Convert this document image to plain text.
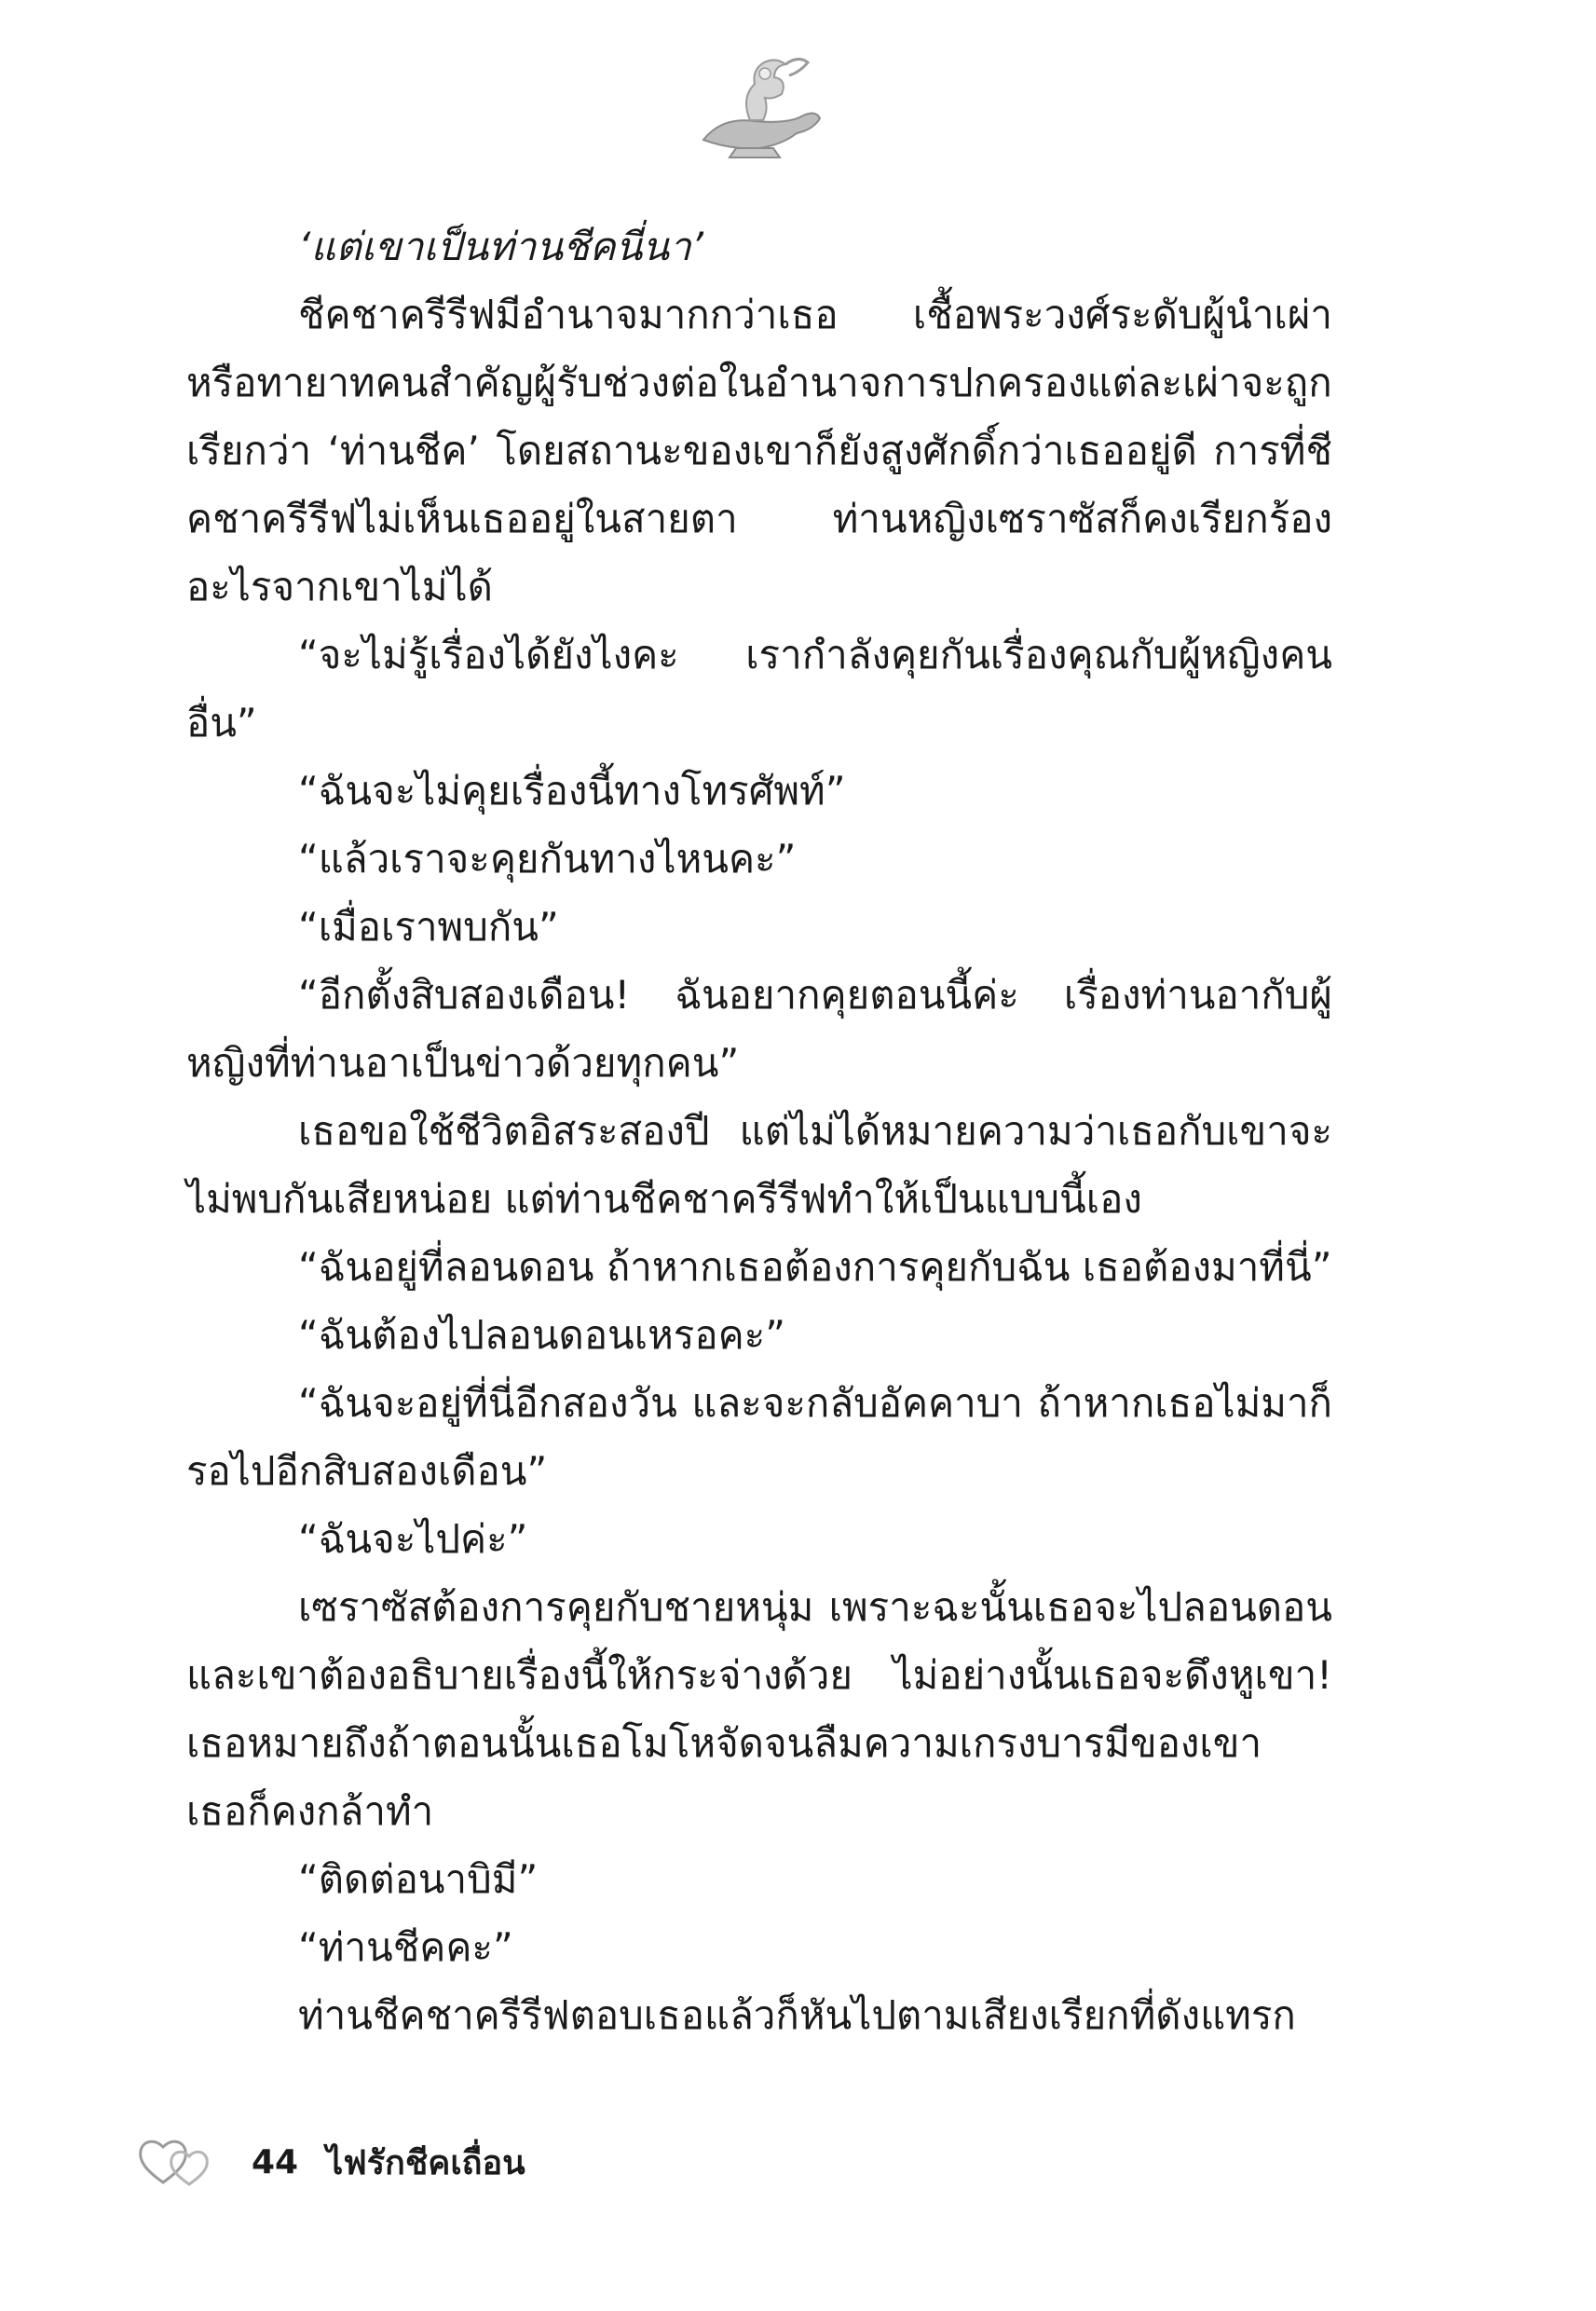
‘แต่เขาเป็นท่านชีคนี่นา’

ชีคชาครีรีฟมีอำนาจมากกว่าเธอ เชื้อพระวงศ์ระดับผู้นำเผ่า หรือทายาทคนสำคัญผู้รับช่วงต่อในอำนาจการปกครองแต่ละเผ่าจะถูกเรียกว่า ‘ท่านชีค’ โดยสถานะของเขาก็ยังสูงศักดิ์กว่าเธออยู่ดี การที่ชีคชาครีรีฟไม่เห็นเธออยู่ในสายตา ท่านหญิงเซราซัสก็คงเรียกร้องอะไรจากเขาไม่ได้

“จะไม่รู้เรื่องได้ยังไงคะ เรากำลังคุยกันเรื่องคุณกับผู้หญิงคนอื่น”

“ฉันจะไม่คุยเรื่องนี้ทางโทรศัพท์”

“แล้วเราจะคุยกันทางไหนคะ”

“เมื่อเราพบกัน”

“อีกตั้งสิบสองเดือน! ฉันอยากคุยตอนนี้ค่ะ เรื่องท่านอากับผู้หญิงที่ท่านอาเป็นข่าวด้วยทุกคน”

เธอขอใช้ชีวิตอิสระสองปี แต่ไม่ได้หมายความว่าเธอกับเขาจะไม่พบกันเสียหน่อย แต่ท่านชีคชาครีรีฟทำให้เป็นแบบนี้เอง

“ฉันอยู่ที่ลอนดอน ถ้าหากเธอต้องการคุยกับฉัน เธอต้องมาที่นี่”

“ฉันต้องไปลอนดอนเหรอคะ”

“ฉันจะอยู่ที่นี่อีกสองวัน และจะกลับอัคคาบา ถ้าหากเธอไม่มาก็รอไปอีกสิบสองเดือน”

“ฉันจะไปค่ะ”

เซราซัสต้องการคุยกับชายหนุ่ม เพราะฉะนั้นเธอจะไปลอนดอนและเขาต้องอธิบายเรื่องนี้ให้กระจ่างด้วย ไม่อย่างนั้นเธอจะดึงหูเขา! เธอหมายถึงถ้าตอนนั้นเธอโมโหจัดจนลืมความเกรงบารมีของเขา เธอก็คงกล้าทำ

“ติดต่อนาบิมี”

“ท่านชีคคะ”

ท่านชีคชาครีรีฟตอบเธอแล้วก็หันไปตามเสียงเรียกที่ดังแทรก

44 ไฟรักชีคเถื่อน
